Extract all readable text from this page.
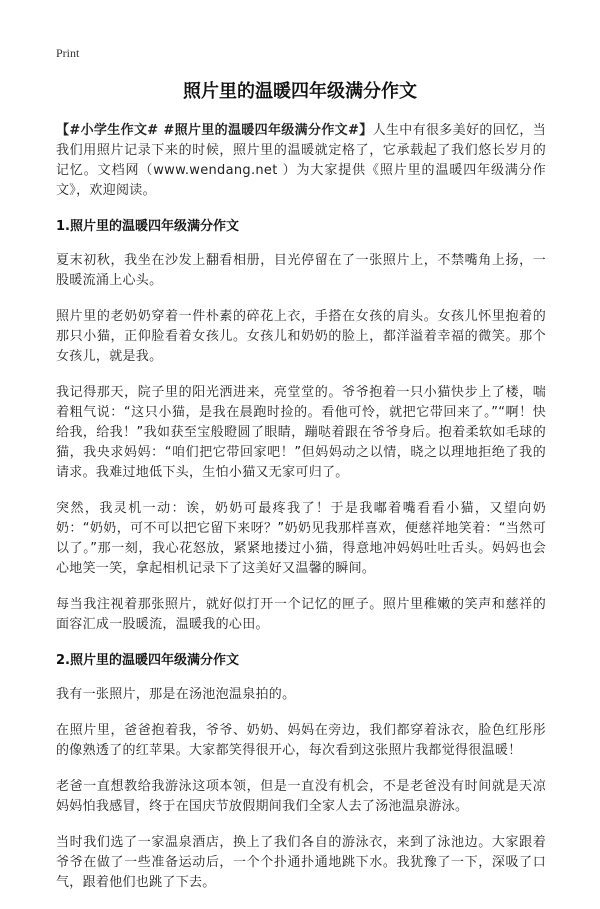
Print
照片里的温暖四年级满分作文

【#小学生作文# #照片里的温暖四年级满分作文#】人生中有很多美好的回忆，当我们用照片记录下来的时候，照片里的温暖就定格了，它承载起了我们悠长岁月的记忆。文档网（www.wendang.net ）为大家提供《照片里的温暖四年级满分作文》，欢迎阅读。

1.照片里的温暖四年级满分作文

夏末初秋，我坐在沙发上翻看相册，目光停留在了一张照片上，不禁嘴角上扬，一股暖流涌上心头。

照片里的老奶奶穿着一件朴素的碎花上衣，手搭在女孩的肩头。女孩儿怀里抱着的那只小猫，正仰脸看着女孩儿。女孩儿和奶奶的脸上，都洋溢着幸福的微笑。那个女孩儿，就是我。

我记得那天，院子里的阳光洒进来，亮堂堂的。爷爷抱着一只小猫快步上了楼，喘着粗气说：“这只小猫，是我在晨跑时捡的。看他可怜，就把它带回来了。”“啊！快给我，给我！”我如获至宝般瞪圆了眼睛，蹦哒着跟在爷爷身后。抱着柔软如毛球的猫，我央求妈妈：“咱们把它带回家吧！”但妈妈动之以情，晓之以理地拒绝了我的请求。我难过地低下头，生怕小猫又无家可归了。

突然，我灵机一动：诶，奶奶可最疼我了！于是我嘟着嘴看看小猫，又望向奶奶：“奶奶，可不可以把它留下来呀？”奶奶见我那样喜欢，便慈祥地笑着：“当然可以了。”那一刻，我心花怒放，紧紧地搂过小猫，得意地冲妈妈吐吐舌头。妈妈也会心地笑一笑，拿起相机记录下了这美好又温馨的瞬间。

每当我注视着那张照片，就好似打开一个记忆的匣子。照片里稚嫩的笑声和慈祥的面容汇成一股暖流，温暖我的心田。

2.照片里的温暖四年级满分作文

我有一张照片，那是在汤池泡温泉拍的。

在照片里，爸爸抱着我，爷爷、奶奶、妈妈在旁边，我们都穿着泳衣，脸色红彤彤的像熟透了的红苹果。大家都笑得很开心，每次看到这张照片我都觉得很温暖！

老爸一直想教给我游泳这项本领，但是一直没有机会，不是老爸没有时间就是天凉妈妈怕我感冒，终于在国庆节放假期间我们全家人去了汤池温泉游泳。

当时我们选了一家温泉酒店，换上了我们各自的游泳衣，来到了泳池边。大家跟着爷爷在做了一些准备运动后，一个个扑通扑通地跳下水。我犹豫了一下，深吸了口气，跟着他们也跳了下去。
